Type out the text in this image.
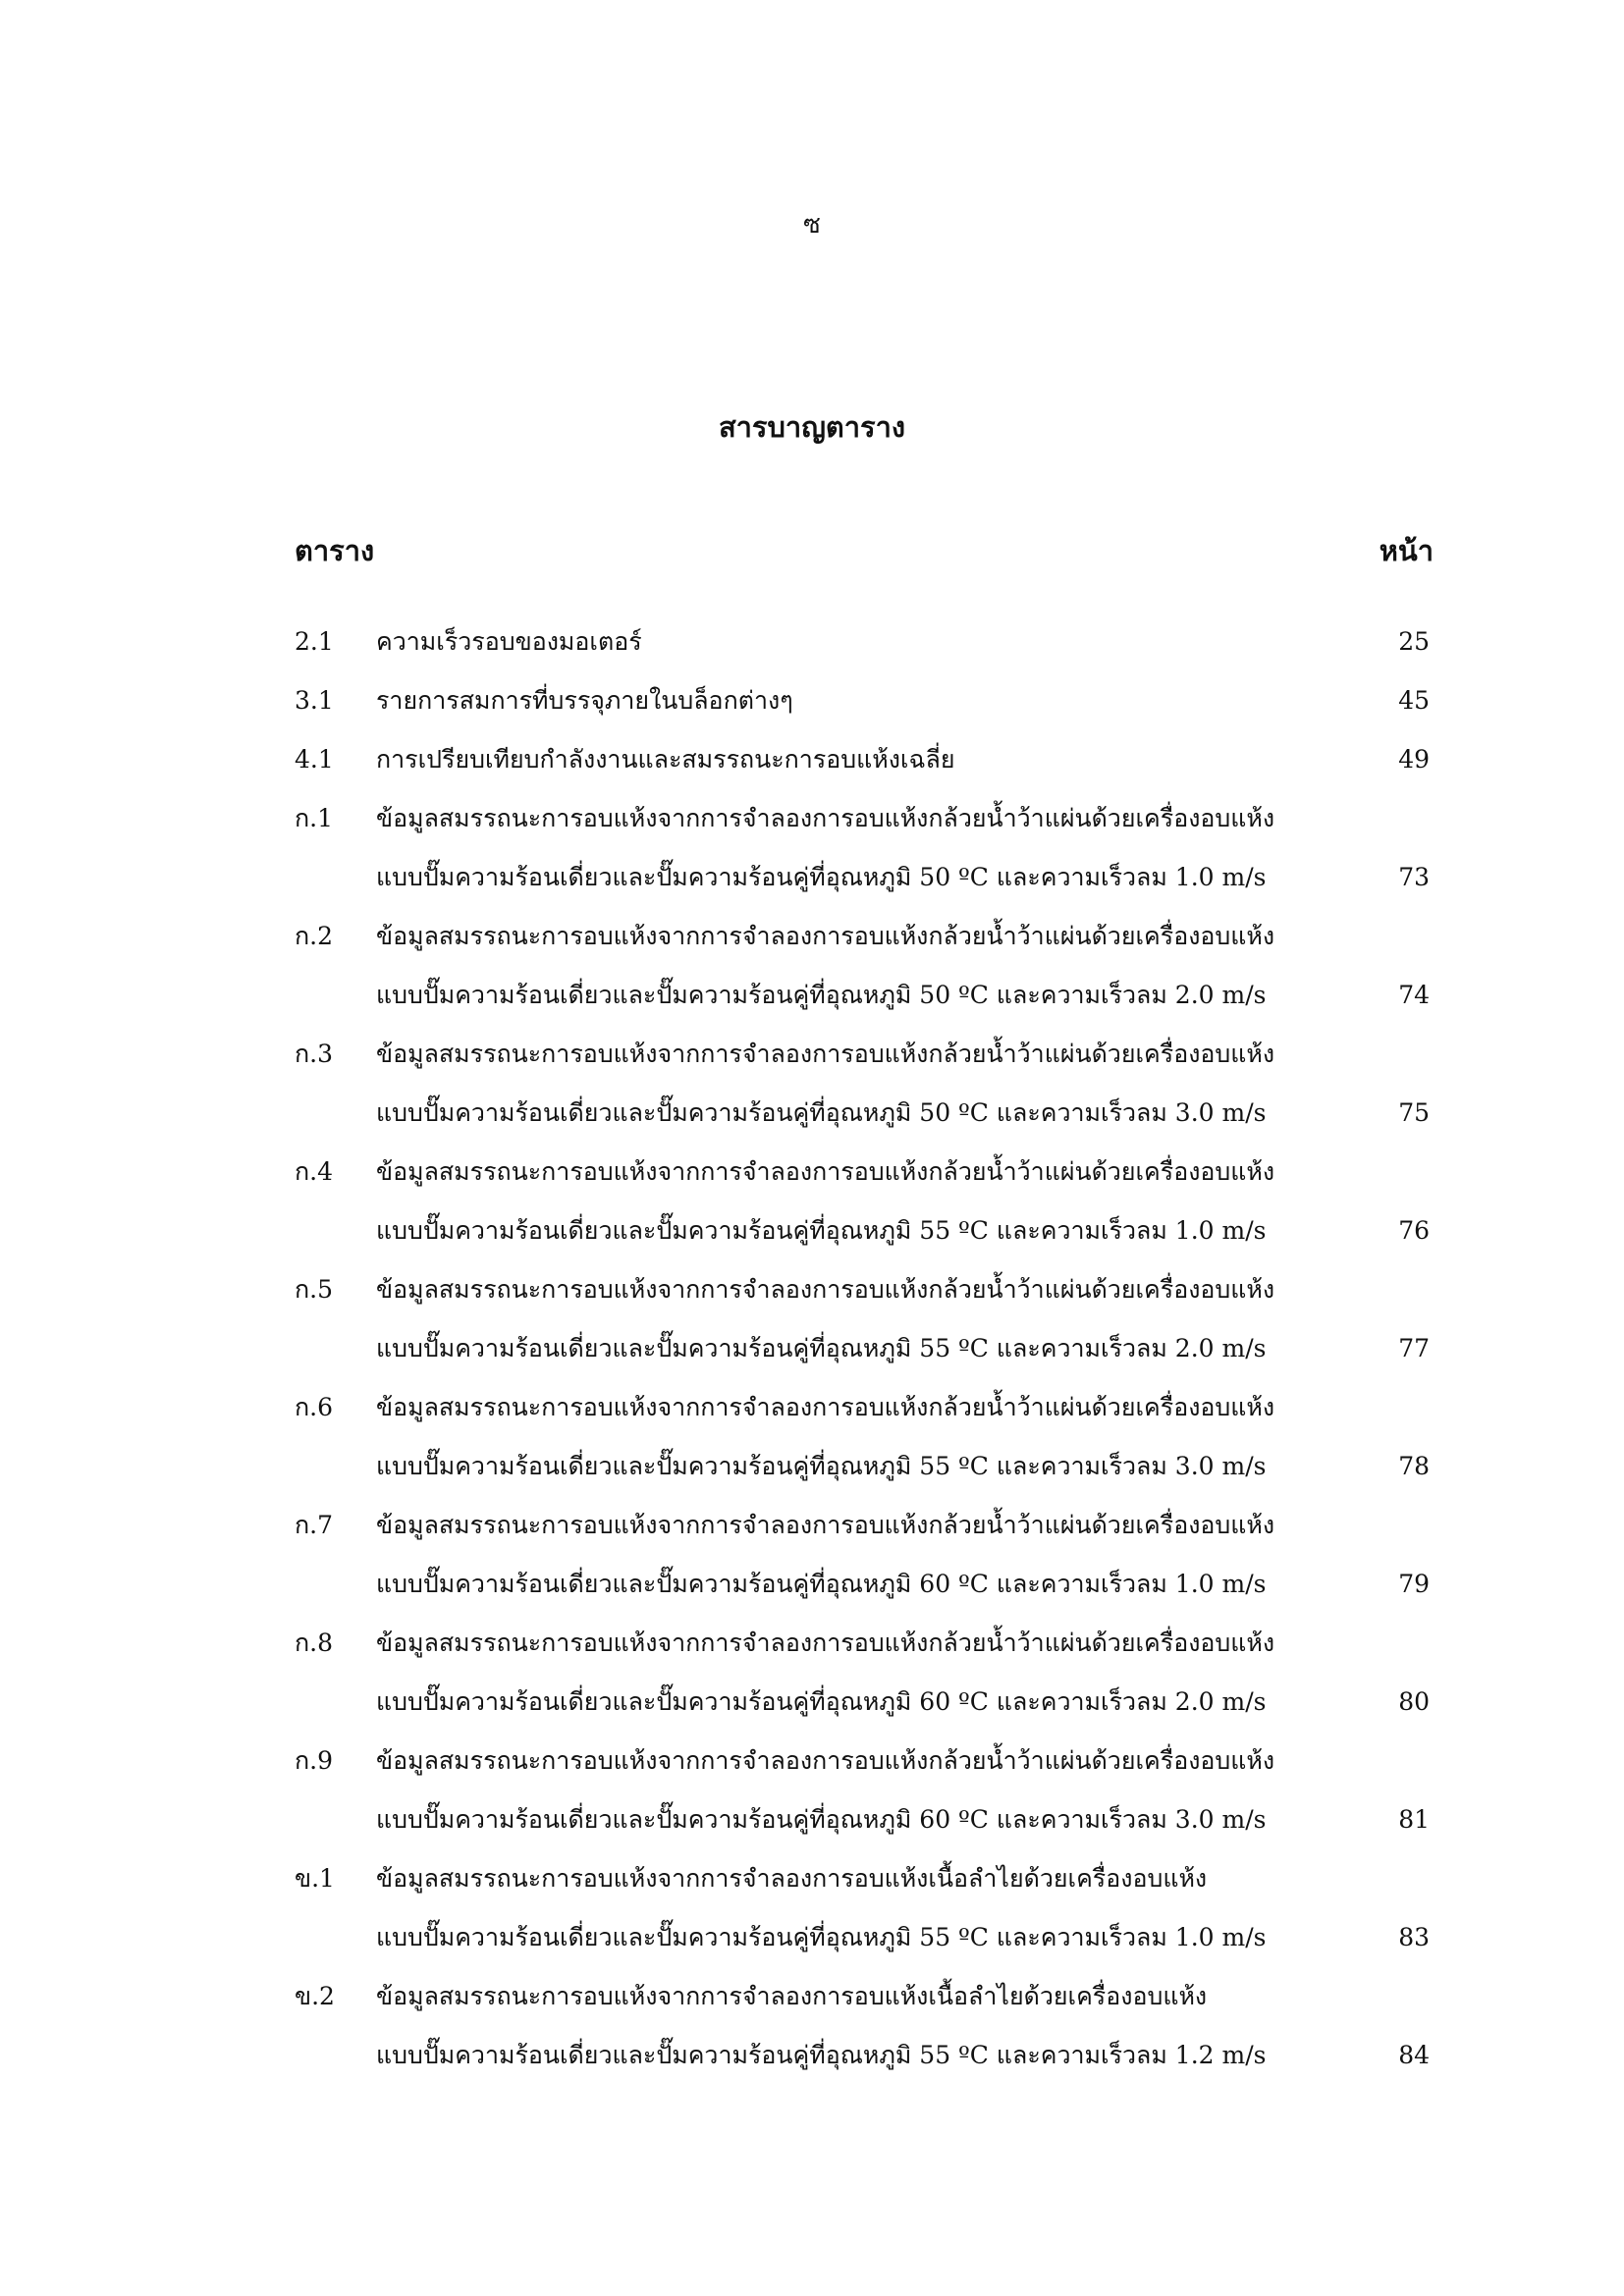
ซ
สารบาญตาราง
ตาราง	หน้า
2.1 ความเร็วรอบของมอเตอร์	25
3.1 รายการสมการที่บรรจุภายในบล็อกต่างๆ	45
4.1 การเปรียบเทียบกำลังงานและสมรรถนะการอบแห้งเฉลี่ย	49
ก.1 ข้อมูลสมรรถนะการอบแห้งจากการจำลองการอบแห้งกล้วยน้ำว้าแผ่นด้วยเครื่องอบแห้ง
แบบปั๊มความร้อนเดี่ยวและปั๊มความร้อนคู่ที่อุณหภูมิ 50 ºC และความเร็วลม 1.0 m/s	73
ก.2 ข้อมูลสมรรถนะการอบแห้งจากการจำลองการอบแห้งกล้วยน้ำว้าแผ่นด้วยเครื่องอบแห้ง
แบบปั๊มความร้อนเดี่ยวและปั๊มความร้อนคู่ที่อุณหภูมิ 50 ºC และความเร็วลม 2.0 m/s	74
ก.3 ข้อมูลสมรรถนะการอบแห้งจากการจำลองการอบแห้งกล้วยน้ำว้าแผ่นด้วยเครื่องอบแห้ง
แบบปั๊มความร้อนเดี่ยวและปั๊มความร้อนคู่ที่อุณหภูมิ 50 ºC และความเร็วลม 3.0 m/s	75
ก.4 ข้อมูลสมรรถนะการอบแห้งจากการจำลองการอบแห้งกล้วยน้ำว้าแผ่นด้วยเครื่องอบแห้ง
แบบปั๊มความร้อนเดี่ยวและปั๊มความร้อนคู่ที่อุณหภูมิ 55 ºC และความเร็วลม 1.0 m/s	76
ก.5 ข้อมูลสมรรถนะการอบแห้งจากการจำลองการอบแห้งกล้วยน้ำว้าแผ่นด้วยเครื่องอบแห้ง
แบบปั๊มความร้อนเดี่ยวและปั๊มความร้อนคู่ที่อุณหภูมิ 55 ºC และความเร็วลม 2.0 m/s	77
ก.6 ข้อมูลสมรรถนะการอบแห้งจากการจำลองการอบแห้งกล้วยน้ำว้าแผ่นด้วยเครื่องอบแห้ง
แบบปั๊มความร้อนเดี่ยวและปั๊มความร้อนคู่ที่อุณหภูมิ 55 ºC และความเร็วลม 3.0 m/s	78
ก.7 ข้อมูลสมรรถนะการอบแห้งจากการจำลองการอบแห้งกล้วยน้ำว้าแผ่นด้วยเครื่องอบแห้ง
แบบปั๊มความร้อนเดี่ยวและปั๊มความร้อนคู่ที่อุณหภูมิ 60 ºC และความเร็วลม 1.0 m/s	79
ก.8 ข้อมูลสมรรถนะการอบแห้งจากการจำลองการอบแห้งกล้วยน้ำว้าแผ่นด้วยเครื่องอบแห้ง
แบบปั๊มความร้อนเดี่ยวและปั๊มความร้อนคู่ที่อุณหภูมิ 60 ºC และความเร็วลม 2.0 m/s	80
ก.9 ข้อมูลสมรรถนะการอบแห้งจากการจำลองการอบแห้งกล้วยน้ำว้าแผ่นด้วยเครื่องอบแห้ง
แบบปั๊มความร้อนเดี่ยวและปั๊มความร้อนคู่ที่อุณหภูมิ 60 ºC และความเร็วลม 3.0 m/s	81
ข.1 ข้อมูลสมรรถนะการอบแห้งจากการจำลองการอบแห้งเนื้อลำไยด้วยเครื่องอบแห้ง
แบบปั๊มความร้อนเดี่ยวและปั๊มความร้อนคู่ที่อุณหภูมิ 55 ºC และความเร็วลม 1.0 m/s	83
ข.2 ข้อมูลสมรรถนะการอบแห้งจากการจำลองการอบแห้งเนื้อลำไยด้วยเครื่องอบแห้ง
แบบปั๊มความร้อนเดี่ยวและปั๊มความร้อนคู่ที่อุณหภูมิ 55 ºC และความเร็วลม 1.2 m/s	84
